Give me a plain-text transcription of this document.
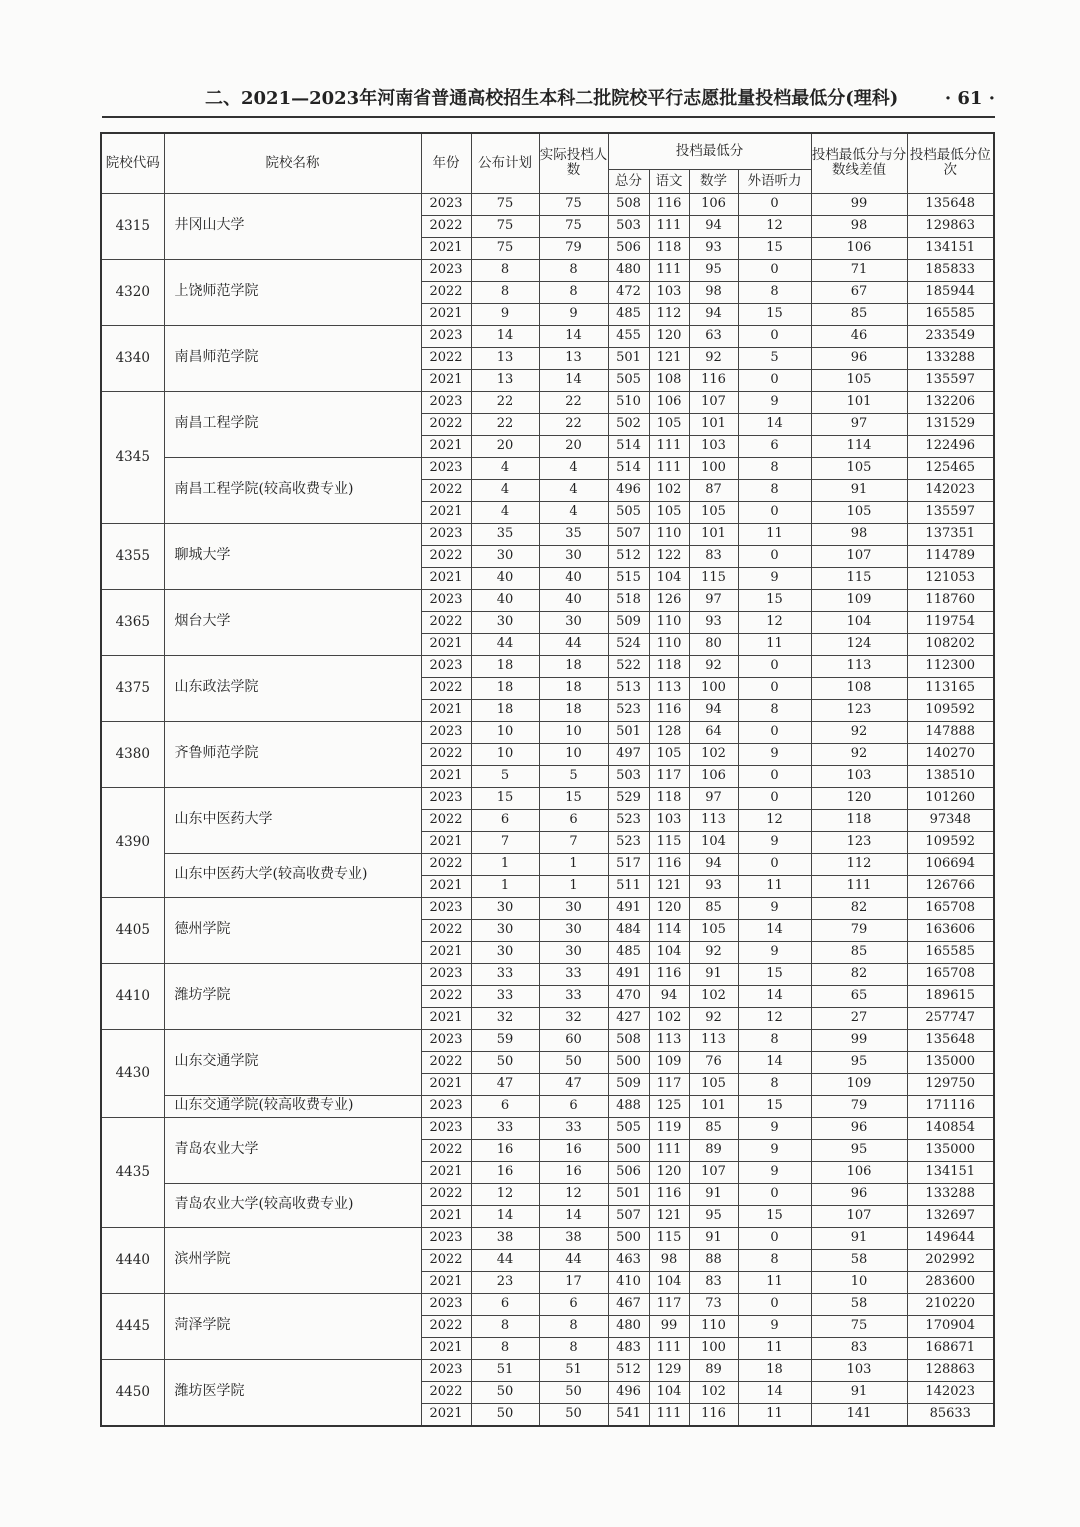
二、2021—2023年河南省普通高校招生本科二批院校平行志愿批量投档最低分(理科)	· 61 ·
院校代码	院校名称	年份	公布计划	实际投档人数	投档最低分				投档最低分与分数线差值	投档最低分位次
					总分	语文	数学	外语听力		
4315	井冈山大学	2023	75	75	508	116	106	0	99	135648
		2022	75	75	503	111	94	12	98	129863
		2021	75	79	506	118	93	15	106	134151
4320	上饶师范学院	2023	8	8	480	111	95	0	71	185833
		2022	8	8	472	103	98	8	67	185944
		2021	9	9	485	112	94	15	85	165585
4340	南昌师范学院	2023	14	14	455	120	63	0	46	233549
		2022	13	13	501	121	92	5	96	133288
		2021	13	14	505	108	116	0	105	135597
4345	南昌工程学院	2023	22	22	510	106	107	9	101	132206
		2022	22	22	502	105	101	14	97	131529
		2021	20	20	514	111	103	6	114	122496
	南昌工程学院(较高收费专业)	2023	4	4	514	111	100	8	105	125465
		2022	4	4	496	102	87	8	91	142023
		2021	4	4	505	105	105	0	105	135597
4355	聊城大学	2023	35	35	507	110	101	11	98	137351
		2022	30	30	512	122	83	0	107	114789
		2021	40	40	515	104	115	9	115	121053
4365	烟台大学	2023	40	40	518	126	97	15	109	118760
		2022	30	30	509	110	93	12	104	119754
		2021	44	44	524	110	80	11	124	108202
4375	山东政法学院	2023	18	18	522	118	92	0	113	112300
		2022	18	18	513	113	100	0	108	113165
		2021	18	18	523	116	94	8	123	109592
4380	齐鲁师范学院	2023	10	10	501	128	64	0	92	147888
		2022	10	10	497	105	102	9	92	140270
		2021	5	5	503	117	106	0	103	138510
4390	山东中医药大学	2023	15	15	529	118	97	0	120	101260
		2022	6	6	523	103	113	12	118	97348
		2021	7	7	523	115	104	9	123	109592
	山东中医药大学(较高收费专业)	2022	1	1	517	116	94	0	112	106694
		2021	1	1	511	121	93	11	111	126766
4405	德州学院	2023	30	30	491	120	85	9	82	165708
		2022	30	30	484	114	105	14	79	163606
		2021	30	30	485	104	92	9	85	165585
4410	潍坊学院	2023	33	33	491	116	91	15	82	165708
		2022	33	33	470	94	102	14	65	189615
		2021	32	32	427	102	92	12	27	257747
4430	山东交通学院	2023	59	60	508	113	113	8	99	135648
		2022	50	50	500	109	76	14	95	135000
		2021	47	47	509	117	105	8	109	129750
	山东交通学院(较高收费专业)	2023	6	6	488	125	101	15	79	171116
4435	青岛农业大学	2023	33	33	505	119	85	9	96	140854
		2022	16	16	500	111	89	9	95	135000
		2021	16	16	506	120	107	9	106	134151
	青岛农业大学(较高收费专业)	2022	12	12	501	116	91	0	96	133288
		2021	14	14	507	121	95	15	107	132697
4440	滨州学院	2023	38	38	500	115	91	0	91	149644
		2022	44	44	463	98	88	8	58	202992
		2021	23	17	410	104	83	11	10	283600
4445	菏泽学院	2023	6	6	467	117	73	0	58	210220
		2022	8	8	480	99	110	9	75	170904
		2021	8	8	483	111	100	11	83	168671
4450	潍坊医学院	2023	51	51	512	129	89	18	103	128863
		2022	50	50	496	104	102	14	91	142023
		2021	50	50	541	111	116	11	141	85633
